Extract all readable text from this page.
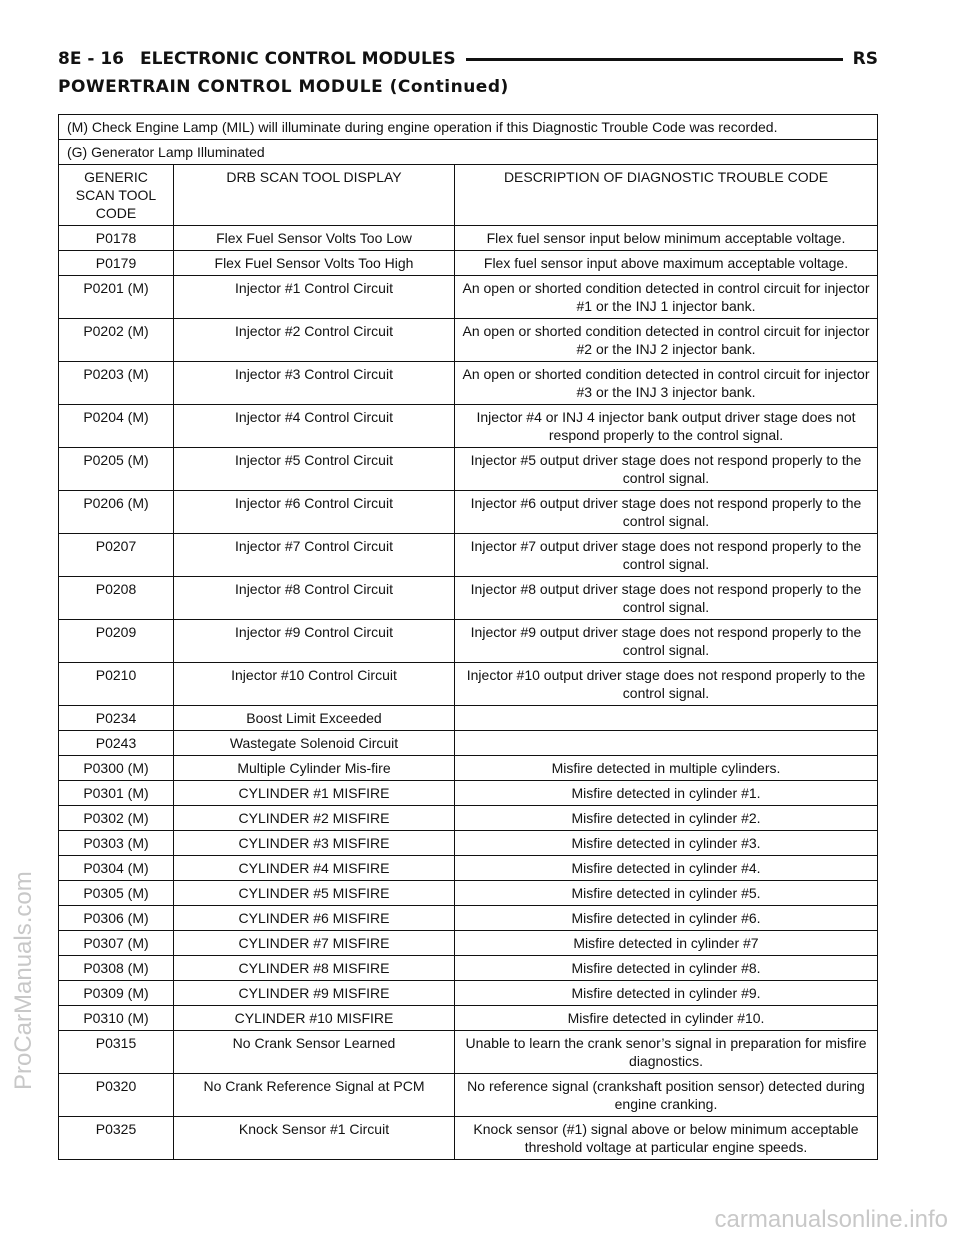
8E - 16 ELECTRONIC CONTROL MODULES	RS
POWERTRAIN CONTROL MODULE (Continued)
(M) Check Engine Lamp (MIL) will illuminate during engine operation if this Diagnostic Trouble Code was recorded.		
(G) Generator Lamp Illuminated		
GENERIC SCAN TOOL CODE	DRB SCAN TOOL DISPLAY	DESCRIPTION OF DIAGNOSTIC TROUBLE CODE
P0178	Flex Fuel Sensor Volts Too Low	Flex fuel sensor input below minimum acceptable voltage.
P0179	Flex Fuel Sensor Volts Too High	Flex fuel sensor input above maximum acceptable voltage.
P0201 (M)	Injector #1 Control Circuit	An open or shorted condition detected in control circuit for injector #1 or the INJ 1 injector bank.
P0202 (M)	Injector #2 Control Circuit	An open or shorted condition detected in control circuit for injector #2 or the INJ 2 injector bank.
P0203 (M)	Injector #3 Control Circuit	An open or shorted condition detected in control circuit for injector #3 or the INJ 3 injector bank.
P0204 (M)	Injector #4 Control Circuit	Injector #4 or INJ 4 injector bank output driver stage does not respond properly to the control signal.
P0205 (M)	Injector #5 Control Circuit	Injector #5 output driver stage does not respond properly to the control signal.
P0206 (M)	Injector #6 Control Circuit	Injector #6 output driver stage does not respond properly to the control signal.
P0207	Injector #7 Control Circuit	Injector #7 output driver stage does not respond properly to the control signal.
P0208	Injector #8 Control Circuit	Injector #8 output driver stage does not respond properly to the control signal.
P0209	Injector #9 Control Circuit	Injector #9 output driver stage does not respond properly to the control signal.
P0210	Injector #10 Control Circuit	Injector #10 output driver stage does not respond properly to the control signal.
P0234	Boost Limit Exceeded	
P0243	Wastegate Solenoid Circuit	
P0300 (M)	Multiple Cylinder Mis-fire	Misfire detected in multiple cylinders.
P0301 (M)	CYLINDER #1 MISFIRE	Misfire detected in cylinder #1.
P0302 (M)	CYLINDER #2 MISFIRE	Misfire detected in cylinder #2.
P0303 (M)	CYLINDER #3 MISFIRE	Misfire detected in cylinder #3.
P0304 (M)	CYLINDER #4 MISFIRE	Misfire detected in cylinder #4.
P0305 (M)	CYLINDER #5 MISFIRE	Misfire detected in cylinder #5.
P0306 (M)	CYLINDER #6 MISFIRE	Misfire detected in cylinder #6.
P0307 (M)	CYLINDER #7 MISFIRE	Misfire detected in cylinder #7
P0308 (M)	CYLINDER #8 MISFIRE	Misfire detected in cylinder #8.
P0309 (M)	CYLINDER #9 MISFIRE	Misfire detected in cylinder #9.
P0310 (M)	CYLINDER #10 MISFIRE	Misfire detected in cylinder #10.
P0315	No Crank Sensor Learned	Unable to learn the crank senor’s signal in preparation for misfire diagnostics.
P0320	No Crank Reference Signal at PCM	No reference signal (crankshaft position sensor) detected during engine cranking.
P0325	Knock Sensor #1 Circuit	Knock sensor (#1) signal above or below minimum acceptable threshold voltage at particular engine speeds.
ProCarManuals.com
carmanualsonline.info
